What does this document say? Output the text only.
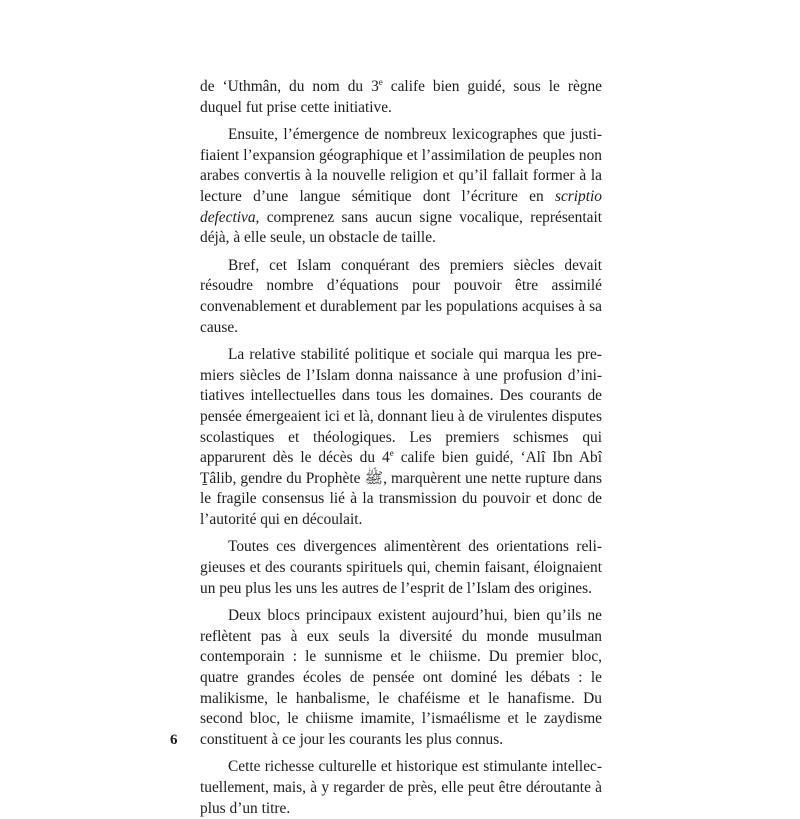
de ‘Uthmân, du nom du 3e calife bien guidé, sous le règne duquel fut prise cette initiative.

Ensuite, l’émergence de nombreux lexicographes que justifiaient l’expansion géographique et l’assimilation de peuples non arabes convertis à la nouvelle religion et qu’il fallait former à la lecture d’une langue sémitique dont l’écriture en scriptio defectiva, comprenez sans aucun signe vocalique, représentait déjà, à elle seule, un obstacle de taille.

Bref, cet Islam conquérant des premiers siècles devait résoudre nombre d’équations pour pouvoir être assimilé convenablement et durablement par les populations acquises à sa cause.

La relative stabilité politique et sociale qui marqua les premiers siècles de l’Islam donna naissance à une profusion d’initiatives intellectuelles dans tous les domaines. Des courants de pensée émergeaient ici et là, donnant lieu à de virulentes disputes scolastiques et théologiques. Les premiers schismes qui apparurent dès le décès du 4e calife bien guidé, ‘Alî Ibn Abî Ṯâlib, gendre du Prophète ﷺ, marquèrent une nette rupture dans le fragile consensus lié à la transmission du pouvoir et donc de l’autorité qui en découlait.

Toutes ces divergences alimentèrent des orientations religieuses et des courants spirituels qui, chemin faisant, éloignaient un peu plus les uns les autres de l’esprit de l’Islam des origines.

Deux blocs principaux existent aujourd’hui, bien qu’ils ne reflètent pas à eux seuls la diversité du monde musulman contemporain : le sunnisme et le chiisme. Du premier bloc, quatre grandes écoles de pensée ont dominé les débats : le malikisme, le hanbalisme, le chaféisme et le hanafisme. Du second bloc, le chiisme imamite, l’ismaélisme et le zaydisme constituent à ce jour les courants les plus connus.

Cette richesse culturelle et historique est stimulante intellectuellement, mais, à y regarder de près, elle peut être déroutante à plus d’un titre.

6
